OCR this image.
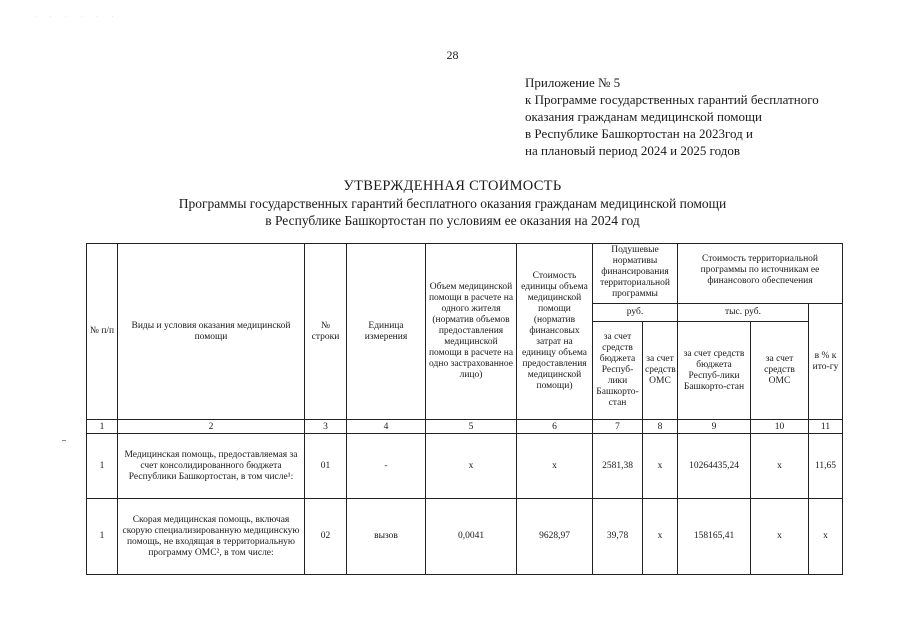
· · · · · ·
28
Приложение № 5
к Программе государственных гарантий бесплатного
оказания гражданам медицинской помощи
в Республике Башкортостан на 2023год и
на плановый период 2024 и 2025 годов
УТВЕРЖДЕННАЯ СТОИМОСТЬ
Программы государственных гарантий бесплатного оказания гражданам медицинской помощи
в Республике Башкортостан по условиям ее оказания на 2024 год
№ п/п	Виды и условия оказания медицинской помощи	№ строки	Единица измерения	Объем медицинской помощи в расчете на одного жителя (норматив объемов предоставления медицинской помощи в расчете на одно застрахованное лицо)	Стоимость единицы объема медицинской помощи (норматив финансовых затрат на единицу объема предоставления медицинской помощи)	Подушевые нормативы финансирования территориальной программы		Стоимость территориальной программы по источникам ее финансового обеспечения		
						руб.		тыс. руб.		в % к ито-гу
						за счет средств бюджета Респуб-лики Башкорто-стан	за счет средств ОМС	за счет средств бюджета Респуб-лики Башкорто-стан	за счет средств ОМС	
1	2	3	4	5	6	7	8	9	10	11
1	Медицинская помощь, предоставляемая за счет консолидированного бюджета Республики Башкортостан, в том числе¹:	01	-	x	x	2581,38	x	10264435,24	x	11,65
1	Скорая медицинская помощь, включая скорую специализированную медицинскую помощь, не входящая в территориальную программу ОМС², в том числе:	02	вызов	0,0041	9628,97	39,78	x	158165,41	x	x
